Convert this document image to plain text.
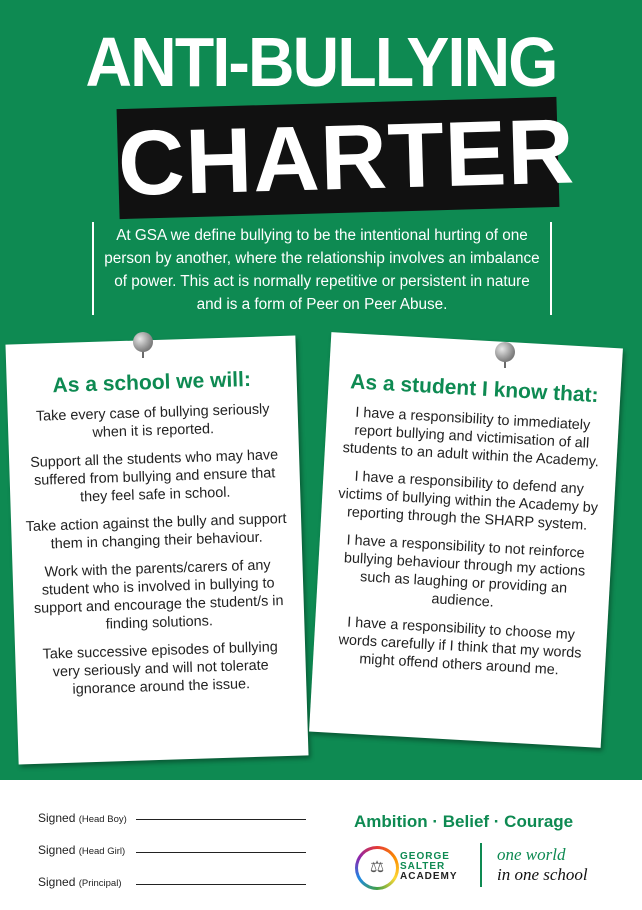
ANTI-BULLYING
CHARTER
At GSA we define bullying to be the intentional hurting of one person by another, where the relationship involves an imbalance of power. This act is normally repetitive or persistent in nature and is a form of Peer on Peer Abuse.
As a school we will:
Take every case of bullying seriously when it is reported.
Support all the students who may have suffered from bullying and ensure that they feel safe in school.
Take action against the bully and support them in changing their behaviour.
Work with the parents/carers of any student who is involved in bullying to support and encourage the student/s in finding solutions.
Take successive episodes of bullying very seriously and will not tolerate ignorance around the issue.
As a student I know that:
I have a responsibility to immediately report bullying and victimisation of all students to an adult within the Academy.
I have a responsibility to defend any victims of bullying within the Academy by reporting through the SHARP system.
I have a responsibility to not reinforce bullying behaviour through my actions such as laughing or providing an audience.
I have a responsibility to choose my words carefully if I think that my words might offend others around me.
Signed (Head Boy)
Signed (Head Girl)
Signed (Principal)
Ambition · Belief · Courage
⚖
GEORGE
SALTER
ACADEMY
one world
in one school
